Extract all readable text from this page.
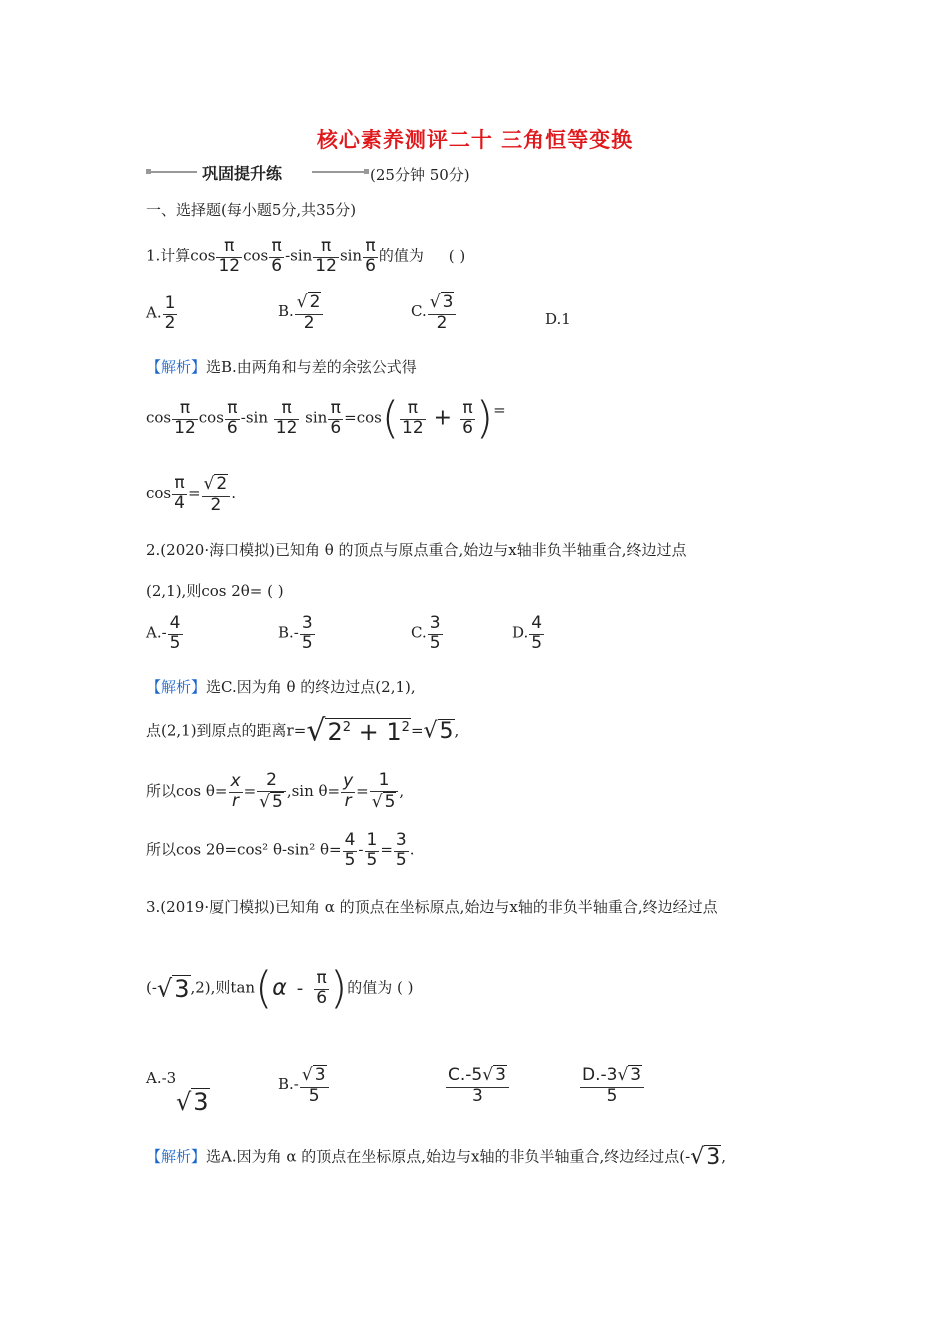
核心素养测评二十 三角恒等变换
巩固提升练	(25分钟 50分)
一、选择题(每小题5分,共35分)
1.计算$\cos \frac{\pi}{12}$ $\cos \frac{\pi}{6} -\sin \frac{\pi}{12}$ $\sin \frac{\pi}{6}$ 的值为 ( )
A. $\frac{1}{2}$	B. $\frac{√ 2}{2}$	C. $\frac{√ 3}{2}$	D.1
【解析】选B.由两角和与差的余弦公式得
$\cos \frac{\pi}{12}$ $\cos \frac{\pi}{6} -\sin \frac{\pi}{12}$ $\sin \frac{\pi}{6} =\cos( \frac{\pi}{12} + \frac{\pi}{6}$ )=
$\cos \frac{\pi}{4} = \frac{√ 2}{2}$ .
2.(2020·海口模拟)已知角 θ 的顶点与原点重合,始边与x轴非负半轴重合,终边过点
(2,1),则cos 2θ= ( )
$A.- \frac{4}{5}$	$B.- \frac{3}{5}$	C. $\frac{3}{5}$	D. $\frac{4}{5}$
【解析】选C.因为角 θ 的终边过点(2,1),
点(2,1)到原点的距离$r=√2^2 + 1^2=√5$,
所以$\cos \theta= \frac{x}{r} = \frac{2}{√ 5} ,\sin$ $\theta= \frac{y}{r} = \frac{1}{√ 5}$ ,
所以cos 2θ=cos² θ-sin² $\theta= \frac{4}{5} - \frac{1}{5} = \frac{3}{5}$ .
3.(2019·厦门模拟)已知角 α 的顶点在坐标原点,始边与x轴的非负半轴重合,终边经过点
(-√3,2),则$\tan(\alpha - \frac{\pi}{6}$ )的值为 ( )
A.-3
√3
$B.- \frac{√ 3}{5}$	$\frac{C.-5√ 3}{3}$	$\frac{D.-3√ 3}{5}$
【解析】选A.因为角 α 的顶点在坐标原点,始边与x轴的非负半轴重合,终边经过点(-√3,
